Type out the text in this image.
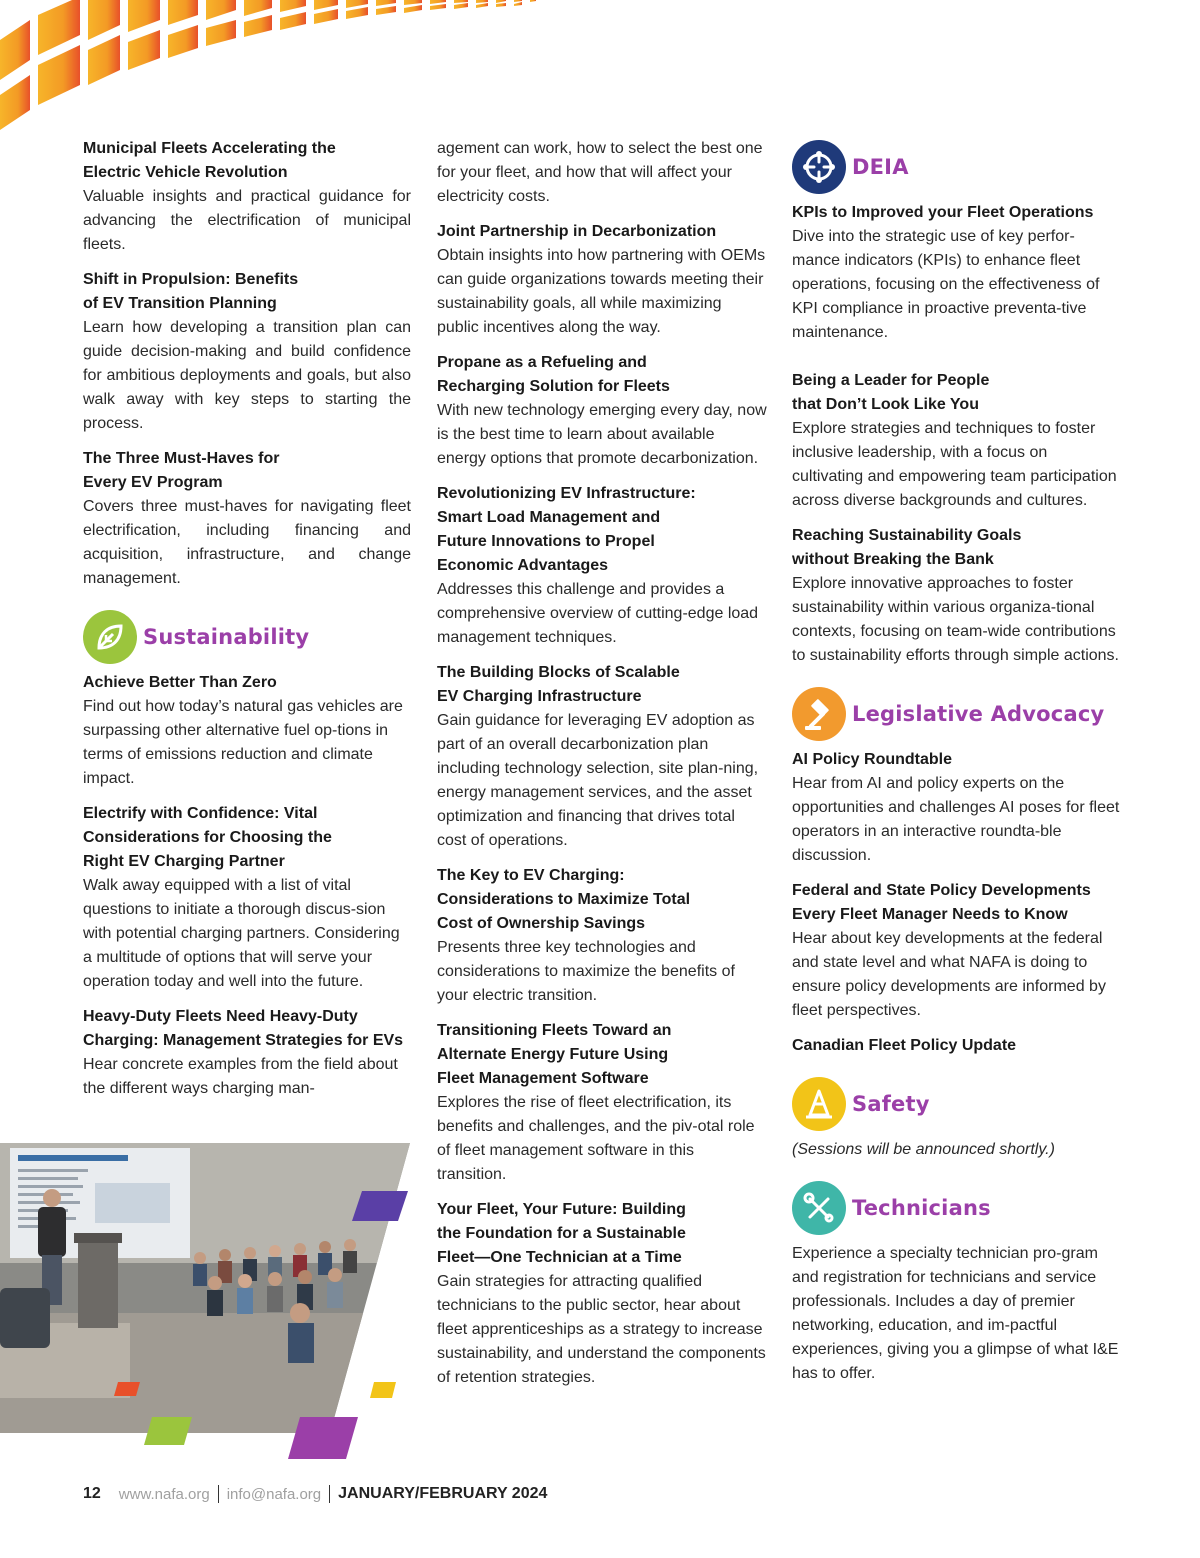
Municipal Fleets Accelerating the
Electric Vehicle Revolution
Valuable insights and practical guidance for advancing the electrification of municipal fleets.
Shift in Propulsion: Benefits
of EV Transition Planning
Learn how developing a transition plan can guide decision-making and build confidence for ambitious deployments and goals, but also walk away with key steps to starting the process.
The Three Must-Haves for
Every EV Program
Covers three must-haves for navigating fleet electrification, including financing and acquisition, infrastructure, and change management.
Sustainability
Achieve Better Than Zero
Find out how today’s natural gas vehicles are surpassing other alternative fuel op-tions in terms of emissions reduction and climate impact.
Electrify with Confidence: Vital
Considerations for Choosing the
Right EV Charging Partner
Walk away equipped with a list of vital questions to initiate a thorough discus-sion with potential charging partners. Considering a multitude of options that will serve your operation today and well into the future.
Heavy-Duty Fleets Need Heavy-Duty
Charging: Management Strategies for EVs
Hear concrete examples from the field about the different ways charging man-
agement can work, how to select the best one for your fleet, and how that will affect your electricity costs.
Joint Partnership in Decarbonization
Obtain insights into how partnering with OEMs can guide organizations towards meeting their sustainability goals, all while maximizing public incentives along the way.
Propane as a Refueling and
Recharging Solution for Fleets
With new technology emerging every day, now is the best time to learn about available energy options that promote decarbonization.
Revolutionizing EV Infrastructure:
Smart Load Management and
Future Innovations to Propel
Economic Advantages
Addresses this challenge and provides a comprehensive overview of cutting-edge load management techniques.
The Building Blocks of Scalable
EV Charging Infrastructure
Gain guidance for leveraging EV adoption as part of an overall decarbonization plan including technology selection, site plan-ning, energy management services, and the asset optimization and financing that drives total cost of operations.
The Key to EV Charging:
Considerations to Maximize Total
Cost of Ownership Savings
Presents three key technologies and considerations to maximize the benefits of your electric transition.
Transitioning Fleets Toward an
Alternate Energy Future Using
Fleet Management Software
Explores the rise of fleet electrification, its benefits and challenges, and the piv-otal role of fleet management software in this transition.
Your Fleet, Your Future: Building
the Foundation for a Sustainable
Fleet—One Technician at a Time
Gain strategies for attracting qualified technicians to the public sector, hear about fleet apprenticeships as a strategy to increase sustainability, and understand the components of retention strategies.
DEIA
KPIs to Improved your Fleet Operations
Dive into the strategic use of key perfor-mance indicators (KPIs) to enhance fleet operations, focusing on the effectiveness of KPI compliance in proactive preventa-tive maintenance.
Being a Leader for People
that Don’t Look Like You
Explore strategies and techniques to foster inclusive leadership, with a focus on cultivating and empowering team participation across diverse backgrounds and cultures.
Reaching Sustainability Goals
without Breaking the Bank
Explore innovative approaches to foster sustainability within various organiza-tional contexts, focusing on team-wide contributions to sustainability efforts through simple actions.
Legislative Advocacy
AI Policy Roundtable
Hear from AI and policy experts on the opportunities and challenges AI poses for fleet operators in an interactive roundta-ble discussion.
Federal and State Policy Developments
Every Fleet Manager Needs to Know
Hear about key developments at the federal and state level and what NAFA is doing to ensure policy developments are informed by fleet perspectives.
Canadian Fleet Policy Update
Safety
(Sessions will be announced shortly.)
Technicians
Experience a specialty technician pro-gram and registration for technicians and service professionals. Includes a day of premier networking, education, and im-pactful experiences, giving you a glimpse of what I&E has to offer.
12 www.nafa.org info@nafa.org JANUARY/FEBRUARY 2024
